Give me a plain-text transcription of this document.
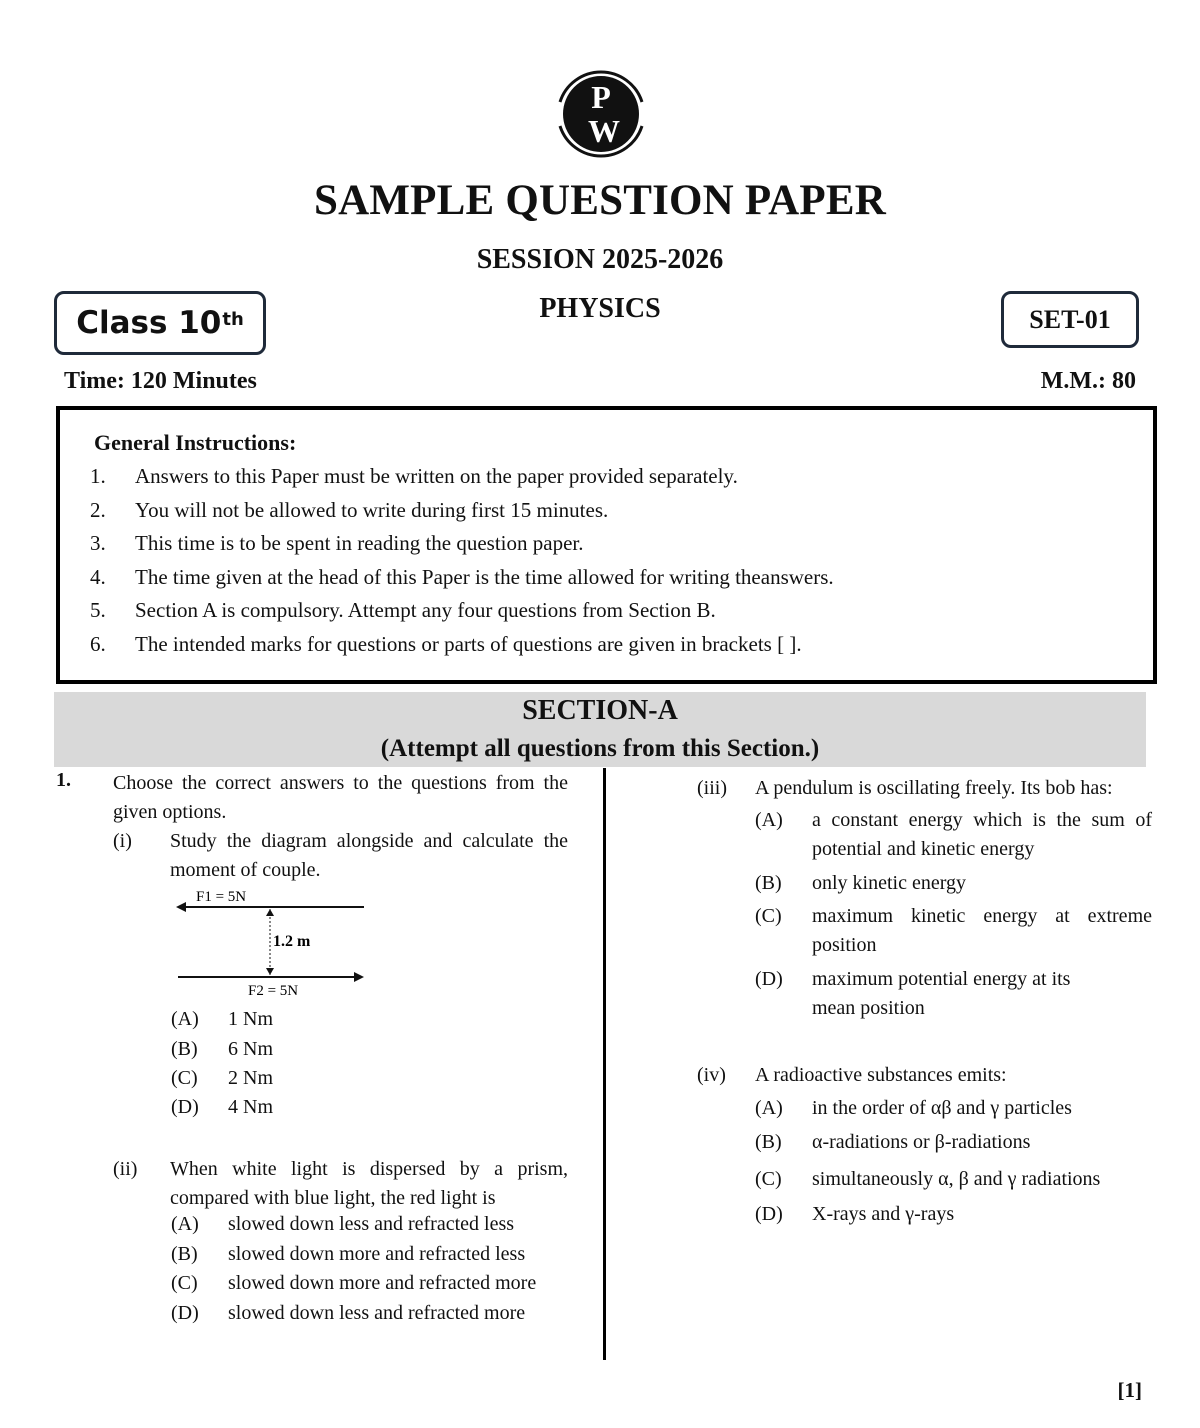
P
W
SAMPLE QUESTION PAPER
SESSION 2025-2026
PHYSICS
Class 10th	SET-01
Time: 120 Minutes	M.M.: 80
General Instructions:
1.	Answers to this Paper must be written on the paper provided separately.
2.	You will not be allowed to write during first 15 minutes.
3.	This time is to be spent in reading the question paper.
4.	The time given at the head of this Paper is the time allowed for writing theanswers.
5.	Section A is compulsory. Attempt any four questions from Section B.
6.	The intended marks for questions or parts of questions are given in brackets [ ].
SECTION-A
(Attempt all questions from this Section.)
1. Choose the correct answers to the questions from the given options.
(i) Study the diagram alongside and calculate the moment of couple.
F1 = 5N
1.2 m
F2 = 5N
(A) 1 Nm
(B) 6 Nm
(C) 2 Nm
(D) 4 Nm
(ii) When white light is dispersed by a prism, compared with blue light, the red light is
(A) slowed down less and refracted less
(B) slowed down more and refracted less
(C) slowed down more and refracted more
(D) slowed down less and refracted more
(iii) A pendulum is oscillating freely. Its bob has:
(A) a constant energy which is the sum of potential and kinetic energy
(B) only kinetic energy
(C) maximum kinetic energy at extreme position
(D) maximum potential energy at its mean position
(iv) A radioactive substances emits:
(A) in the order of αβ and γ particles
(B) α-radiations or β-radiations
(C) simultaneously α, β and γ radiations
(D) X-rays and γ-rays
[1]
